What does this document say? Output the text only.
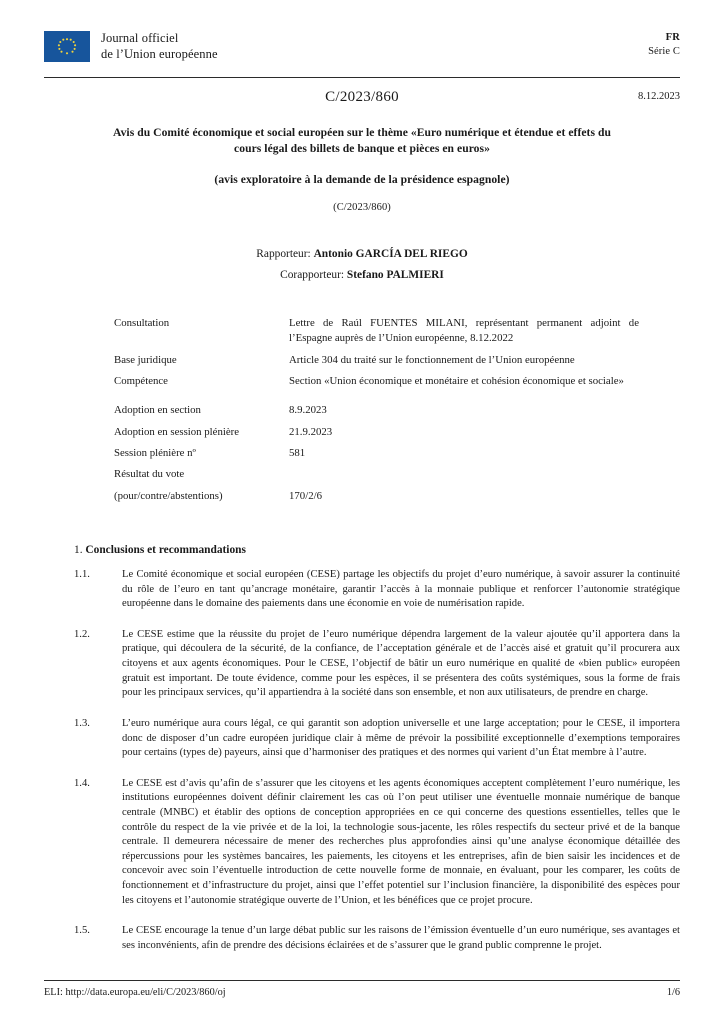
Journal officiel
de l’Union européenne
FR
Série C
C/2023/860	8.12.2023
Avis du Comité économique et social européen sur le thème «Euro numérique et étendue et effets du cours légal des billets de banque et pièces en euros»
(avis exploratoire à la demande de la présidence espagnole)
(C/2023/860)
Rapporteur: Antonio GARCÍA DEL RIEGO
Corapporteur: Stefano PALMIERI
Consultation	Lettre de Raúl FUENTES MILANI, représentant permanent adjoint de l’Espagne auprès de l’Union européenne, 8.12.2022
Base juridique	Article 304 du traité sur le fonctionnement de l’Union européenne
Compétence	Section «Union économique et monétaire et cohésion économique et sociale»
Adoption en section	8.9.2023
Adoption en session plénière	21.9.2023
Session plénière nº	581
Résultat du vote
(pour/contre/abstentions)	170/2/6
1. Conclusions et recommandations

1.1.	Le Comité économique et social européen (CESE) partage les objectifs du projet d’euro numérique, à savoir assurer la continuité du rôle de l’euro en tant qu’ancrage monétaire, garantir l’accès à la monnaie publique et renforcer l’autonomie stratégique européenne dans le domaine des paiements dans une économie en voie de numérisation rapide.

1.2.	Le CESE estime que la réussite du projet de l’euro numérique dépendra largement de la valeur ajoutée qu’il apportera dans la pratique, qui découlera de la sécurité, de la confiance, de l’acceptation générale et de l’accès aisé et gratuit qu’il procurera aux citoyens et aux agents économiques. Pour le CESE, l’objectif de bâtir un euro numérique en qualité de «bien public» européen gratuit est important. De toute évidence, comme pour les espèces, il se présentera des coûts systémiques, sous la forme de frais pour les principaux services, qu’il appartiendra à la société dans son ensemble, et non aux utilisateurs, de prendre en charge.

1.3.	L’euro numérique aura cours légal, ce qui garantit son adoption universelle et une large acceptation; pour le CESE, il importera donc de disposer d’un cadre européen juridique clair à même de prévoir la possibilité exceptionnelle d’exemptions temporaires pour certains (types de) payeurs, ainsi que d’harmoniser des pratiques et des normes qui varient d’un État membre à l’autre.

1.4.	Le CESE est d’avis qu’afin de s’assurer que les citoyens et les agents économiques acceptent complètement l’euro numérique, les institutions européennes doivent définir clairement les cas où l’on peut utiliser une éventuelle monnaie numérique de banque centrale (MNBC) et établir des options de conception appropriées en ce qui concerne des questions essentielles, telles que le contrôle du respect de la vie privée et de la loi, la technologie sous-jacente, les rôles respectifs du secteur privé et de la banque centrale. Il demeurera nécessaire de mener des recherches plus approfondies ainsi qu’une analyse économique détaillée des répercussions pour les systèmes bancaires, les paiements, les citoyens et les entreprises, afin de bien saisir les incidences et de concevoir avec soin l’éventuelle introduction de cette nouvelle forme de monnaie, en évaluant, pour les comparer, les coûts de fonctionnement et d’infrastructure du projet, ainsi que l’effet potentiel sur l’inclusion financière, la disponibilité des espèces pour les citoyens et l’autonomie stratégique ouverte de l’Union, et les bénéfices que ce projet procure.

1.5.	Le CESE encourage la tenue d’un large débat public sur les raisons de l’émission éventuelle d’un euro numérique, ses avantages et ses inconvénients, afin de prendre des décisions éclairées et de s’assurer que le grand public comprenne le projet.

ELI: http://data.europa.eu/eli/C/2023/860/oj	1/6
